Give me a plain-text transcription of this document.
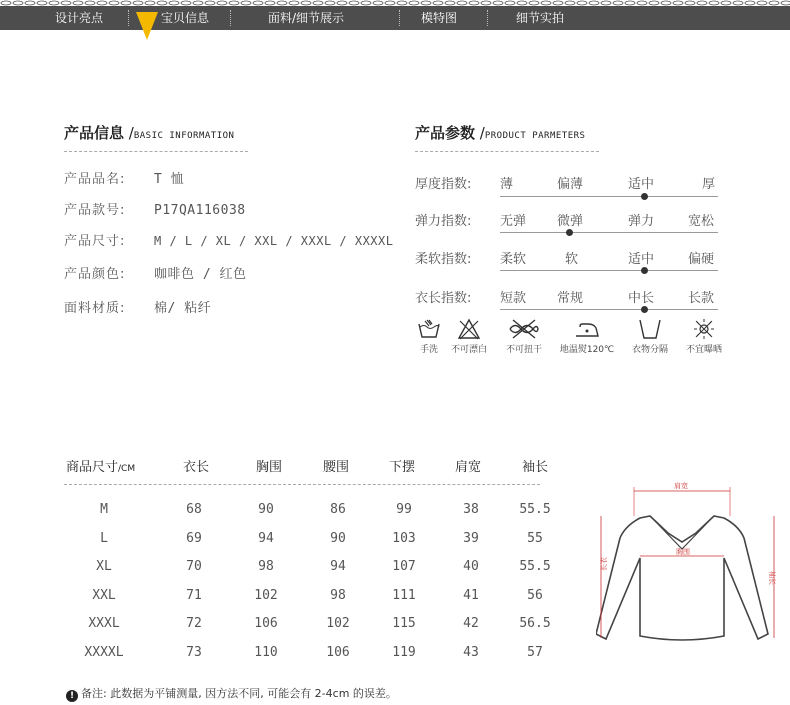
设计亮点	宝贝信息	面料/细节展示	模特图	细节实拍
产品信息 /BASIC INFORMATION
产品品名: T 恤
产品款号: P17QA116038
产品尺寸: M / L / XL / XXL / XXXL / XXXXL
产品颜色: 咖啡色 / 红色
面料材质: 棉/ 粘纤
产品参数 /PRODUCT PARMETERS
厚度指数: 薄	偏薄	适中	厚
弹力指数: 无弹 微弹	弹力	宽松
柔软指数: 柔软	软	适中	偏硬
衣长指数: 短款 常规	中长	长款
手洗	不可漂白	不可扭干	地温熨120℃	衣物分隔	不宜曝晒
商品尺寸/CM	衣长	胸围	腰围	下摆	肩宽	袖长
M	68	90	86	99	38	55.5
L	69	94	90	103	39	55
XL	70	98	94	107	40	55.5
XXL	71	102	98	111	41	56
XXXL	72	106	102	115	42	56.5
XXXXL	73	110	106	119	43	57
肩宽
胸围
长衣
袖长
! 备注: 此数据为平铺测量, 因方法不同, 可能会有 2-4cm 的误差。
